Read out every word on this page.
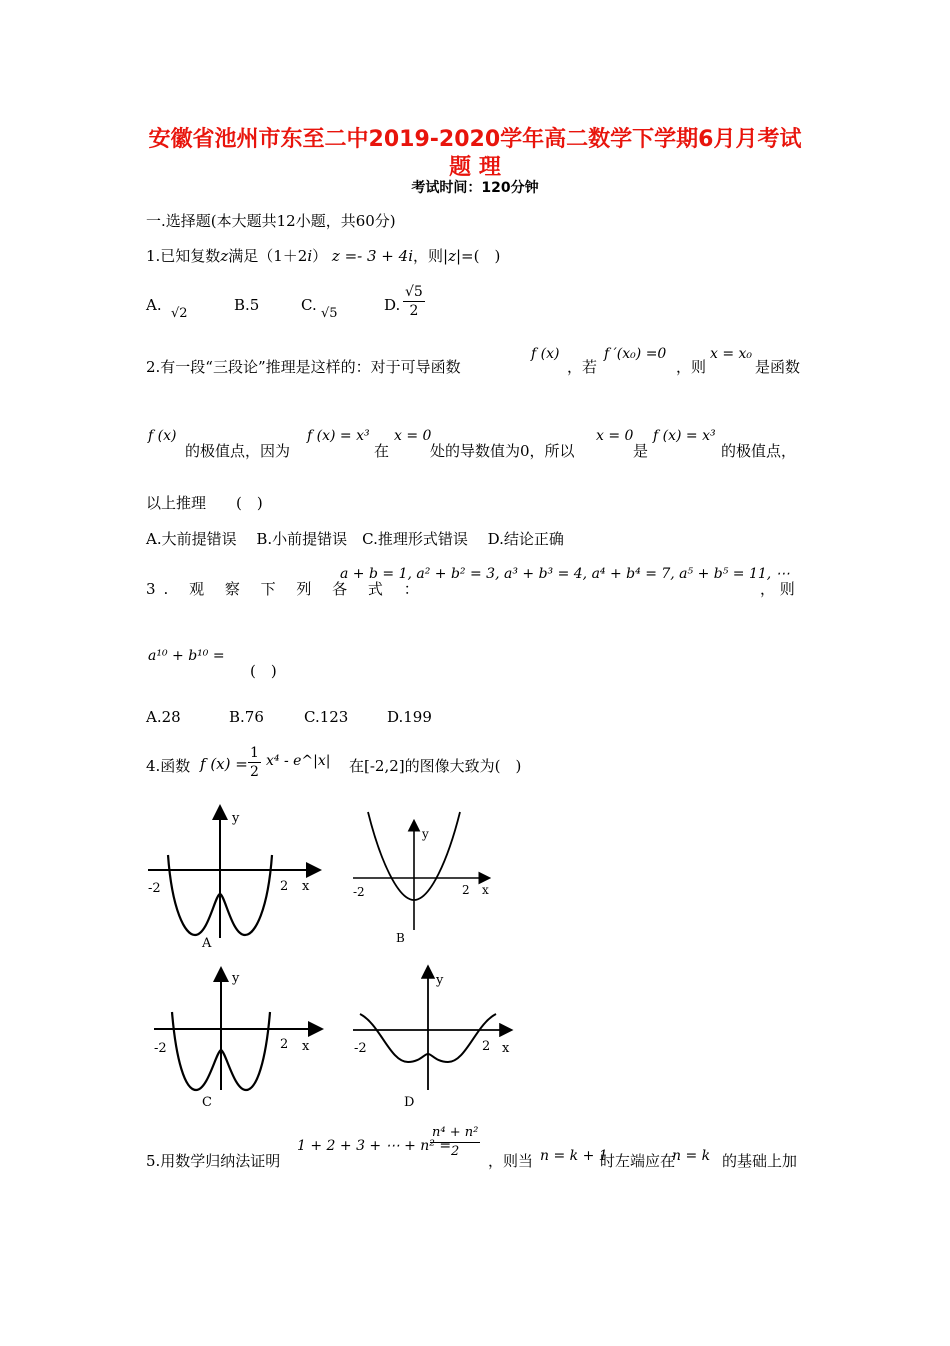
安徽省池州市东至二中2019-2020学年高二数学下学期6月月考试
题 理
考试时间：120分钟
一.选择题(本大题共12小题，共60分)
1.已知复数z满足（1＋2i） z =- 3 + 4i，则|z|=(　)
A. √2	B.5	C. √5	D. $\frac{√5}{2}$
2.有一段“三段论”推理是这样的：对于可导函数
f (x)
，若
f ′(x₀) =0
，则
x = x₀
是函数
f (x)
的极值点，因为
f (x) = x³
在
x = 0
处的导数值为0，所以
x = 0
是
f (x) = x³
的极值点，
以上推理　　(　)
A.大前提错误　 B.小前提错误　C.推理形式错误　 D.结论正确
3. 观 察 下 列 各 式 ：
a + b = 1, a² + b² = 3, a³ + b³ = 4, a⁴ + b⁴ = 7, a⁵ + b⁵ = 11, ⋯
， 则
a¹⁰ + b¹⁰ =
(　)
A.28	B.76	C.123	D.199
4.函数 f $(x) = \frac{1}{2} x^4$ - e^|x| 在[-2,2]的图像大致为(　)
-2	2 x
y
A
-2	2 x
y
B
-2	2 x
y
C
-2	2 x
y
D
5.用数学归纳法证明
1 + 2 + 3 + ⋯ + n² =
$\frac{\text{n⁴ + n²}}{2}$ ，则当 n = k + 1
时左端应在
n = k 的基础上加
